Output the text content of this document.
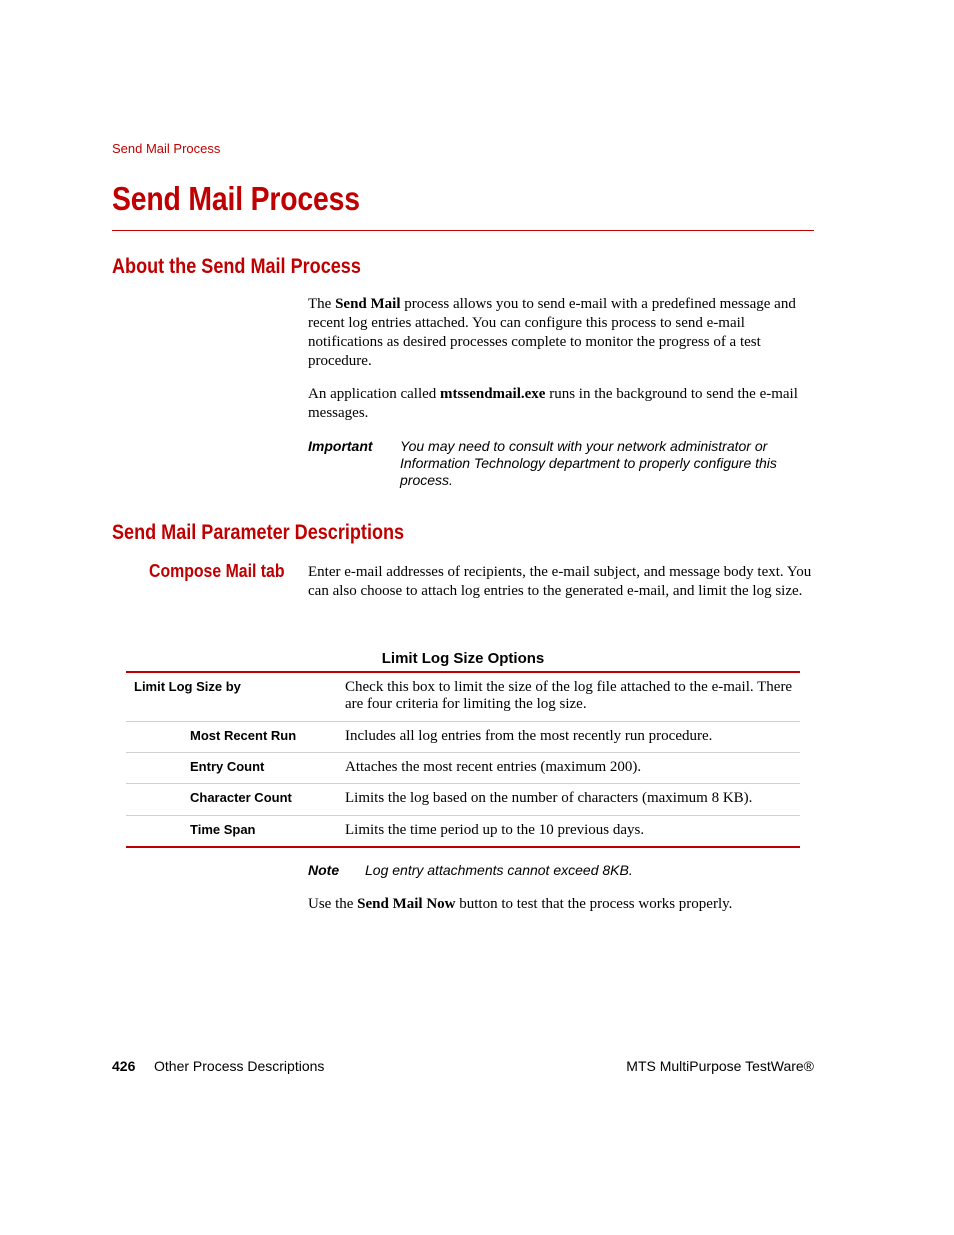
Send Mail Process
Send Mail Process
About the Send Mail Process

The Send Mail process allows you to send e-mail with a predefined message and recent log entries attached. You can configure this process to send e-mail notifications as desired processes complete to monitor the progress of a test procedure.

An application called mtssendmail.exe runs in the background to send the e-mail messages.

Important You may need to consult with your network administrator or Information Technology department to properly configure this process.
Send Mail Parameter Descriptions
Compose Mail tab Enter e-mail addresses of recipients, the e-mail subject, and message body text. You can also choose to attach log entries to the generated e-mail, and limit the log size.

Limit Log Size Options
Limit Log Size by	Check this box to limit the size of the log file attached to the e-mail. There are four criteria for limiting the log size.
Most Recent Run	Includes all log entries from the most recently run procedure.
Entry Count	Attaches the most recent entries (maximum 200).
Character Count	Limits the log based on the number of characters (maximum 8 KB).
Time Span	Limits the time period up to the 10 previous days.
Note Log entry attachments cannot exceed 8KB.

Use the Send Mail Now button to test that the process works properly.

426 Other Process Descriptions	MTS MultiPurpose TestWare®
